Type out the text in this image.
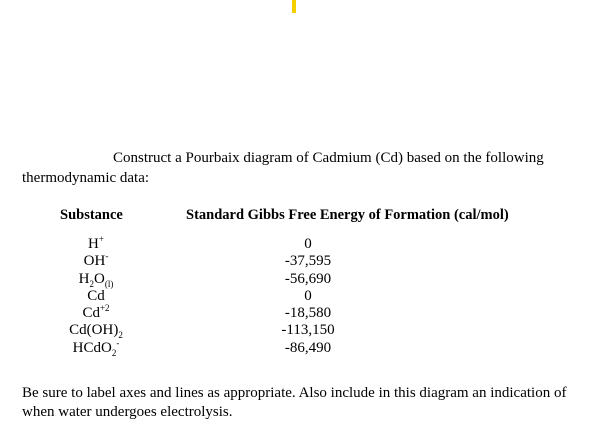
Construct a Pourbaix diagram of Cadmium (Cd) based on the following thermodynamic data:

Substance	Standard Gibbs Free Energy of Formation (cal/mol)
H+
OH-
$H_2O_{(l)}$
Cd
$Cd^{+2}$
$Cd(OH)_2$
HCdO$_2$-
0
-37,595
-56,690
0
-18,580
-113,150
-86,490

Be sure to label axes and lines as appropriate. Also include in this diagram an indication of when water undergoes electrolysis.
